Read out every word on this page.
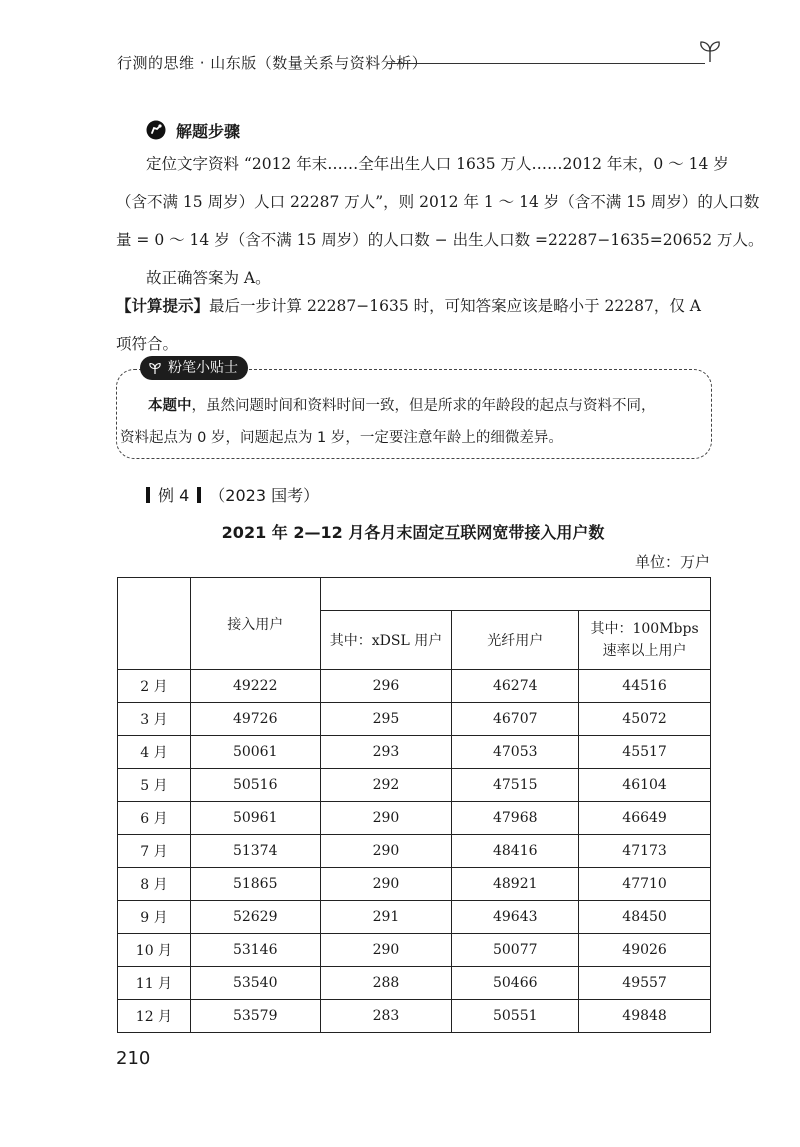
行测的思维 · 山东版（数量关系与资料分析）
解题步骤
定位文字资料 “2012 年末……全年出生人口 1635 万人……2012 年末，0 ～ 14 岁
（含不满 15 周岁）人口 22287 万人”，则 2012 年 1 ～ 14 岁（含不满 15 周岁）的人口数
量 = 0 ～ 14 岁（含不满 15 周岁）的人口数 − 出生人口数 =22287−1635=20652 万人。
故正确答案为 A。
【计算提示】最后一步计算 22287−1635 时，可知答案应该是略小于 22287，仅 A
项符合。
粉笔小贴士
本题中，虽然问题时间和资料时间一致，但是所求的年龄段的起点与资料不同，
资料起点为 0 岁，问题起点为 1 岁，一定要注意年龄上的细微差异。
例 4 （2023 国考）
2021 年 2—12 月各月末固定互联网宽带接入用户数
单位：万户
	接入用户			
		其中：xDSL 用户	光纤用户	其中：100Mbps
速率以上用户

2 月	49222	296	46274	44516
3 月	49726	295	46707	45072
4 月	50061	293	47053	45517
5 月	50516	292	47515	46104
6 月	50961	290	47968	46649
7 月	51374	290	48416	47173
8 月	51865	290	48921	47710
9 月	52629	291	49643	48450
10 月	53146	290	50077	49026
11 月	53540	288	50466	49557
12 月	53579	283	50551	49848
210
